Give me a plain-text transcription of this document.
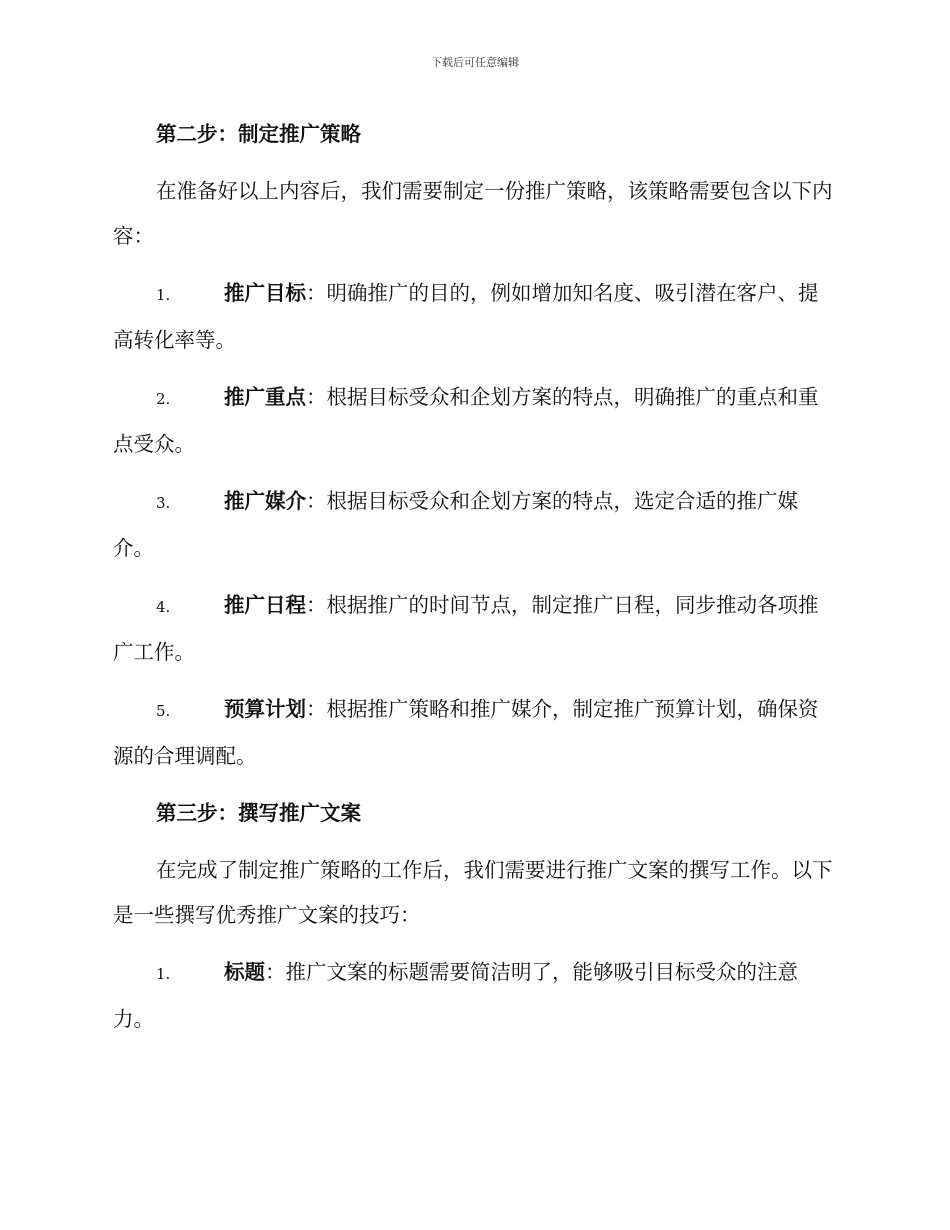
下载后可任意编辑
第二步：制定推广策略
在准备好以上内容后，我们需要制定一份推广策略，该策略需要包含以下内容：
1.	推广目标：明确推广的目的，例如增加知名度、吸引潜在客户、提高转化率等。
2.	推广重点：根据目标受众和企划方案的特点，明确推广的重点和重点受众。
3.	推广媒介：根据目标受众和企划方案的特点，选定合适的推广媒介。
4.	推广日程：根据推广的时间节点，制定推广日程，同步推动各项推广工作。
5.	预算计划：根据推广策略和推广媒介，制定推广预算计划，确保资源的合理调配。
第三步：撰写推广文案
在完成了制定推广策略的工作后，我们需要进行推广文案的撰写工作。以下是一些撰写优秀推广文案的技巧：
1.	标题：推广文案的标题需要简洁明了，能够吸引目标受众的注意力。
